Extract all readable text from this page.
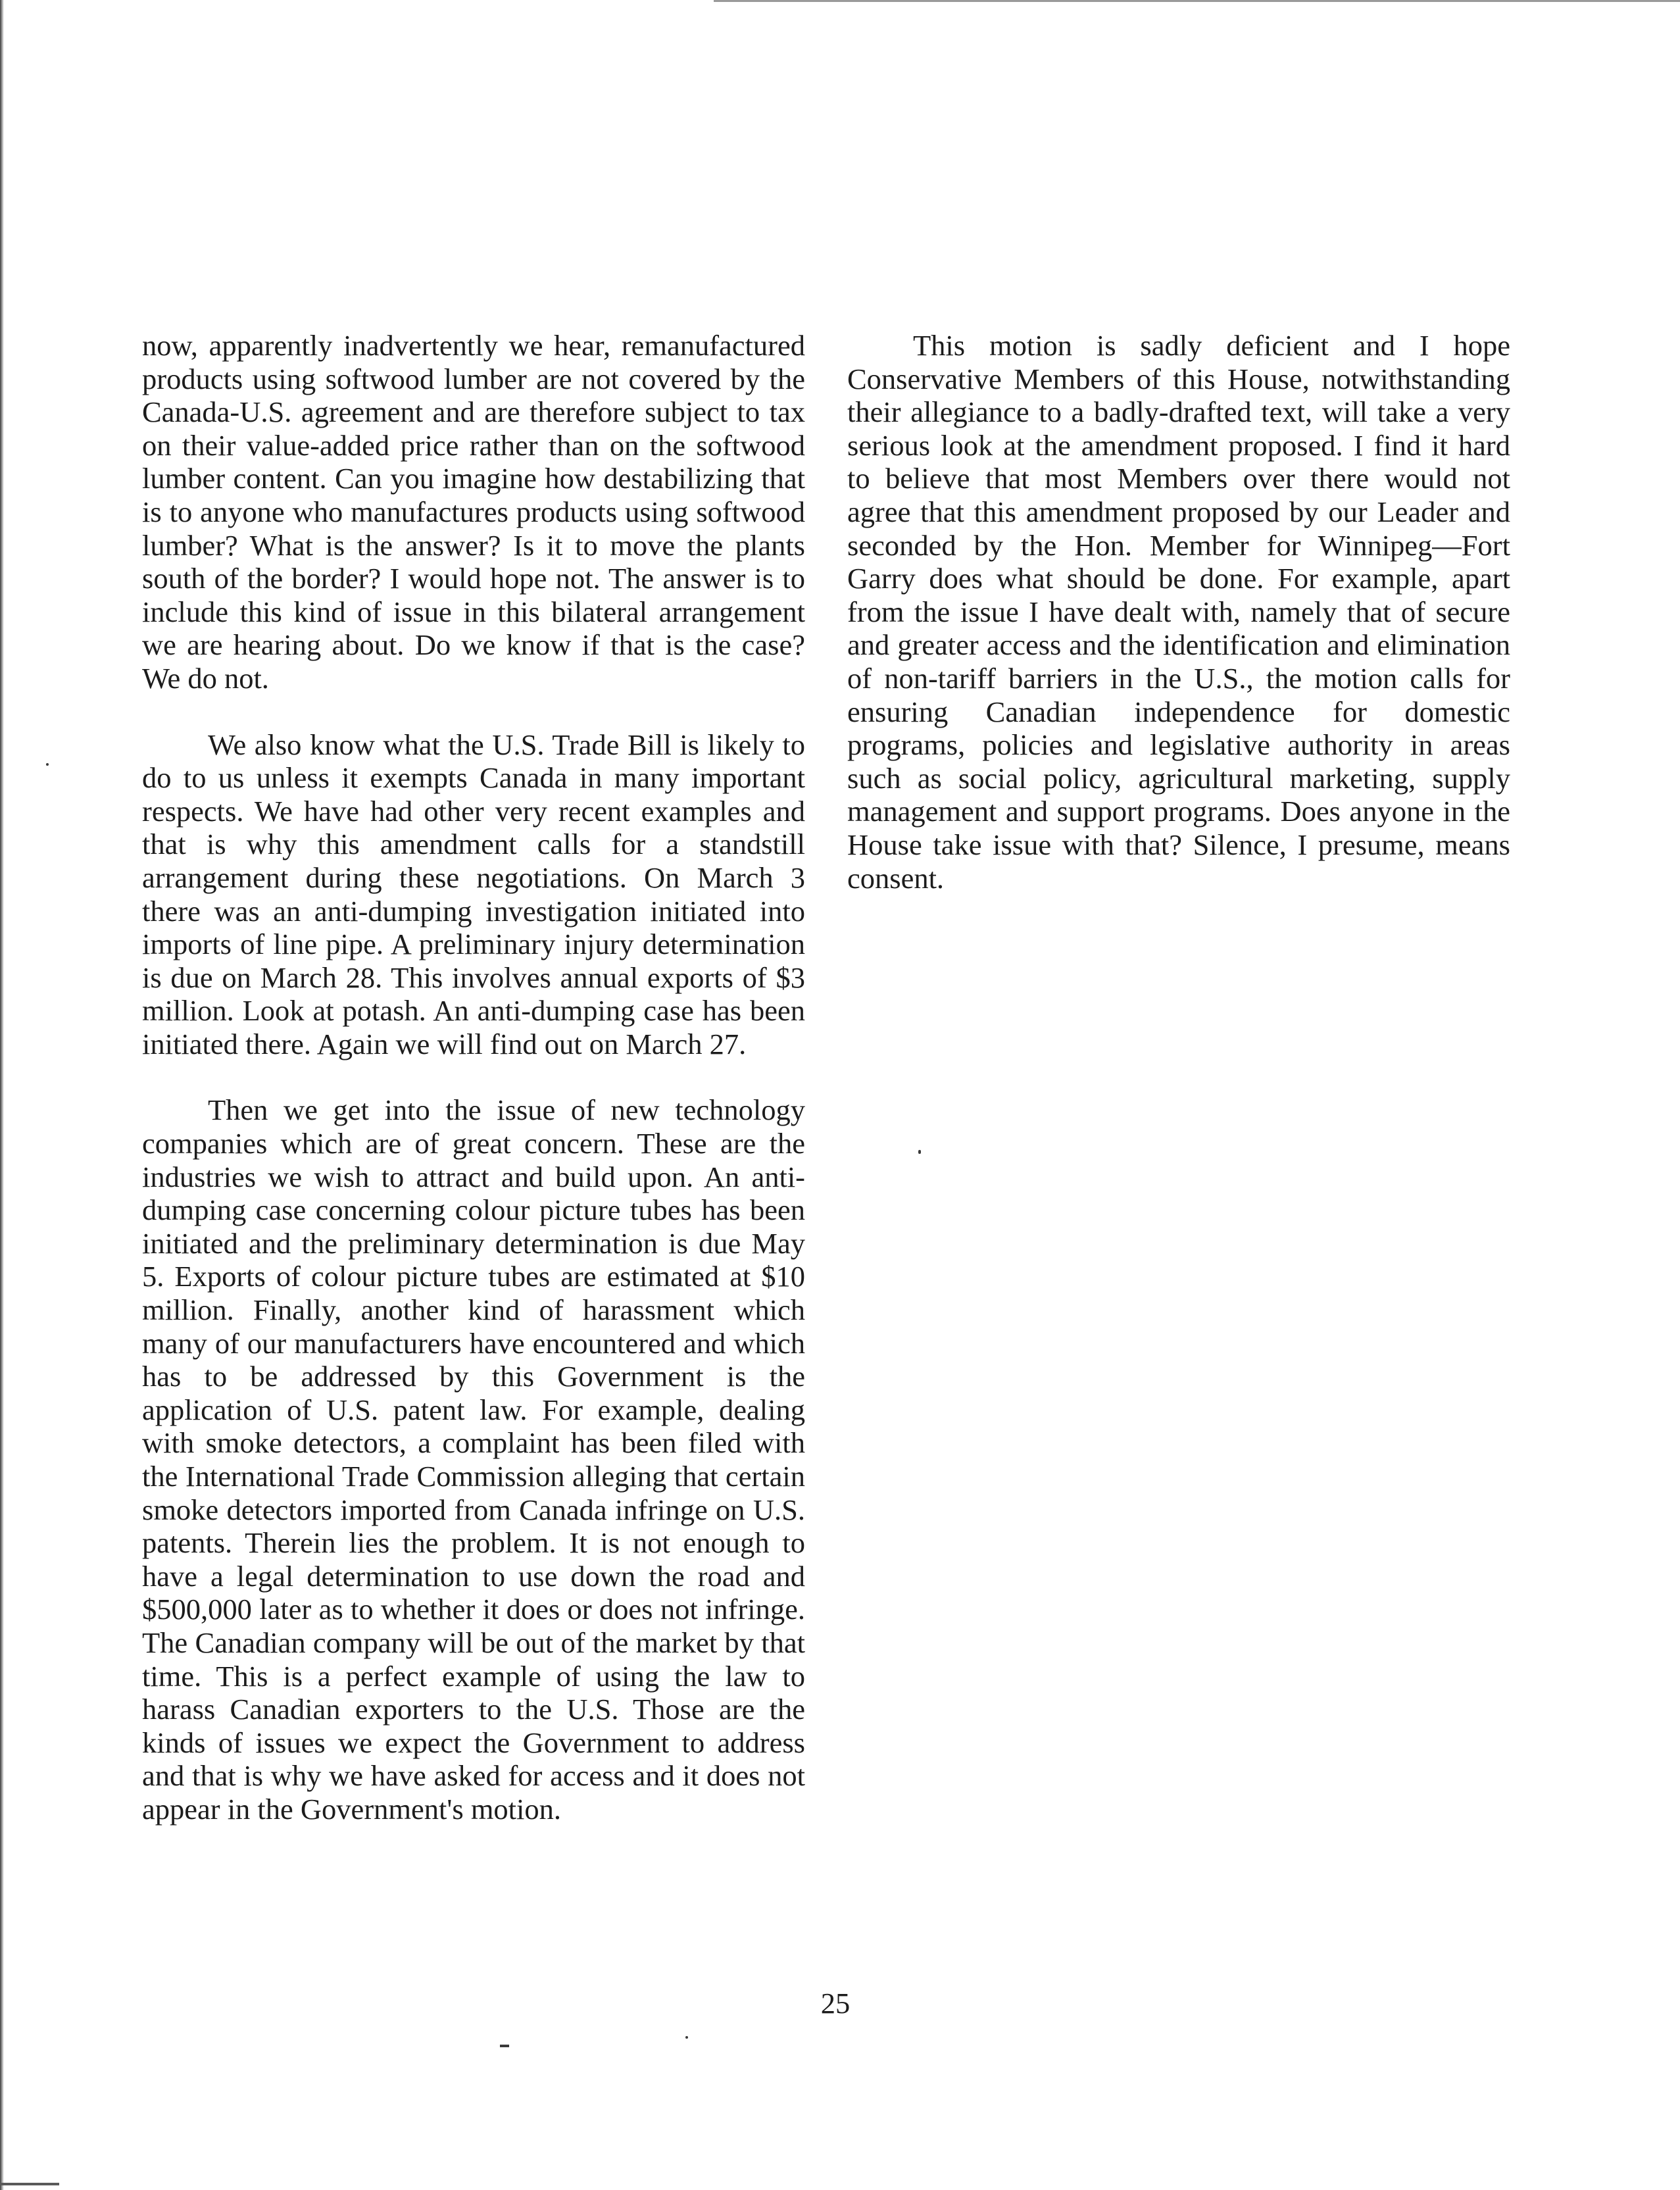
now, apparently inadvertently we hear, remanufactured products using softwood lumber are not covered by the Canada-U.S. agreement and are therefore subject to tax on their value-added price rather than on the softwood lumber content. Can you imagine how destabilizing that is to anyone who manufactures products using softwood lumber? What is the answer? Is it to move the plants south of the border? I would hope not. The answer is to include this kind of issue in this bilateral arrangement we are hearing about. Do we know if that is the case? We do not.

We also know what the U.S. Trade Bill is likely to do to us unless it exempts Canada in many important respects. We have had other very recent examples and that is why this amendment calls for a standstill arrangement during these negotiations. On March 3 there was an anti-dumping investigation initiated into imports of line pipe. A preliminary injury determination is due on March 28. This involves annual exports of $3 million. Look at potash. An anti-dumping case has been initiated there. Again we will find out on March 27.

Then we get into the issue of new technology companies which are of great concern. These are the industries we wish to attract and build upon. An anti-dumping case concerning colour picture tubes has been initiated and the preliminary determination is due May 5. Exports of colour picture tubes are estimated at $10 million. Finally, another kind of harassment which many of our manufacturers have encountered and which has to be addressed by this Government is the application of U.S. patent law. For example, dealing with smoke detectors, a complaint has been filed with the International Trade Commission alleging that certain smoke detectors imported from Canada infringe on U.S. patents. Therein lies the problem. It is not enough to have a legal determination to use down the road and $500,000 later as to whether it does or does not infringe. The Canadian company will be out of the market by that time. This is a perfect example of using the law to harass Canadian exporters to the U.S. Those are the kinds of issues we expect the Government to address and that is why we have asked for access and it does not appear in the Government's motion.

This motion is sadly deficient and I hope Conservative Members of this House, notwithstanding their allegiance to a badly-drafted text, will take a very serious look at the amendment proposed. I find it hard to believe that most Members over there would not agree that this amendment proposed by our Leader and seconded by the Hon. Member for Winnipeg—Fort Garry does what should be done. For example, apart from the issue I have dealt with, namely that of secure and greater access and the identification and elimination of non-tariff barriers in the U.S., the motion calls for ensuring Canadian independence for domestic programs, policies and legislative authority in areas such as social policy, agricultural marketing, supply management and support programs. Does anyone in the House take issue with that? Silence, I presume, means consent.

25
